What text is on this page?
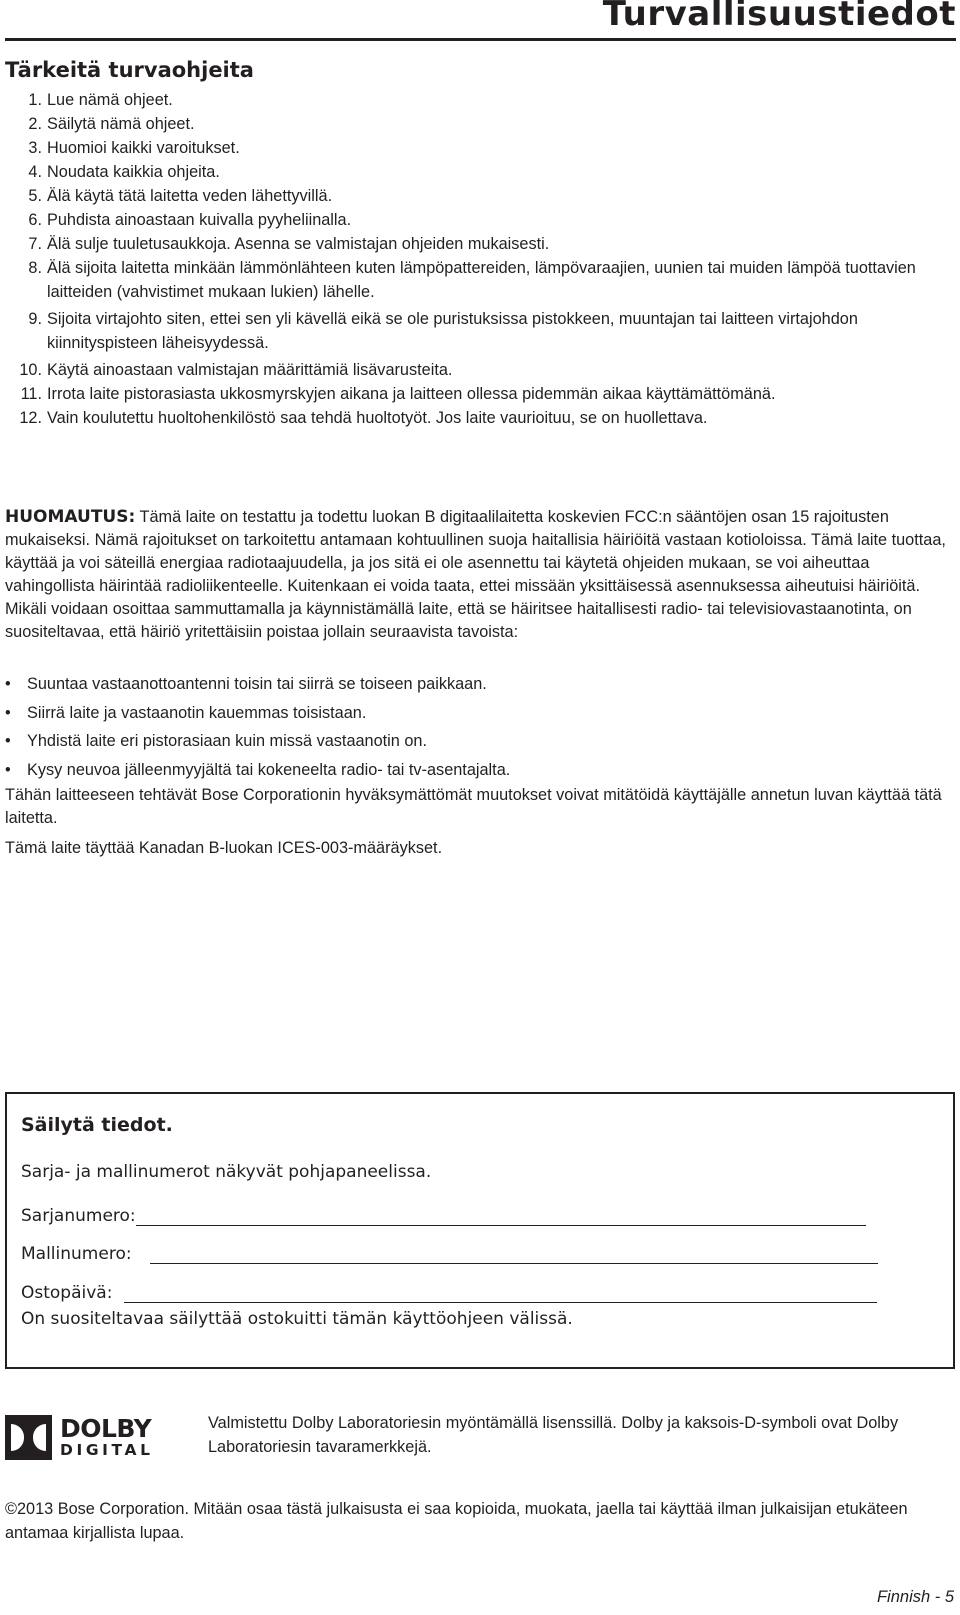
Turvallisuustiedot
Tärkeitä turvaohjeita
1. Lue nämä ohjeet.
2. Säilytä nämä ohjeet.
3. Huomioi kaikki varoitukset.
4. Noudata kaikkia ohjeita.
5. Älä käytä tätä laitetta veden lähettyvillä.
6. Puhdista ainoastaan kuivalla pyyheliinalla.
7. Älä sulje tuuletusaukkoja. Asenna se valmistajan ohjeiden mukaisesti.
8. Älä sijoita laitetta minkään lämmönlähteen kuten lämpöpattereiden, lämpövaraajien, uunien tai muiden lämpöä tuottavien laitteiden (vahvistimet mukaan lukien) lähelle.
9. Sijoita virtajohto siten, ettei sen yli kävellä eikä se ole puristuksissa pistokkeen, muuntajan tai laitteen virtajohdon kiinnityspisteen läheisyydessä.
10. Käytä ainoastaan valmistajan määrittämiä lisävarusteita.
11. Irrota laite pistorasiasta ukkosmyrskyjen aikana ja laitteen ollessa pidemmän aikaa käyttämättömänä.
12. Vain koulutettu huoltohenkilöstö saa tehdä huoltotyöt. Jos laite vaurioituu, se on huollettava.

HUOMAUTUS: Tämä laite on testattu ja todettu luokan B digitaalilaitetta koskevien FCC:n sääntöjen osan 15 rajoitusten mukaiseksi. Nämä rajoitukset on tarkoitettu antamaan kohtuullinen suoja haitallisia häiriöitä vastaan kotioloissa. Tämä laite tuottaa, käyttää ja voi säteillä energiaa radiotaajuudella, ja jos sitä ei ole asennettu tai käytetä ohjeiden mukaan, se voi aiheuttaa vahingollista häirintää radioliikenteelle. Kuitenkaan ei voida taata, ettei missään yksittäisessä asennuksessa aiheutuisi häiriöitä. Mikäli voidaan osoittaa sammuttamalla ja käynnistämällä laite, että se häiritsee haitallisesti radio- tai televisiovastaanotinta, on suositeltavaa, että häiriö yritettäisiin poistaa jollain seuraavista tavoista:

• Suuntaa vastaanottoantenni toisin tai siirrä se toiseen paikkaan.
• Siirrä laite ja vastaanotin kauemmas toisistaan.
• Yhdistä laite eri pistorasiaan kuin missä vastaanotin on.
• Kysy neuvoa jälleenmyyjältä tai kokeneelta radio- tai tv-asentajalta.

Tähän laitteeseen tehtävät Bose Corporationin hyväksymättömät muutokset voivat mitätöidä käyttäjälle annetun luvan käyttää tätä laitetta.

Tämä laite täyttää Kanadan B-luokan ICES-003-määräykset.

Säilytä tiedot.
Sarja- ja mallinumerot näkyvät pohjapaneelissa.
Sarjanumero:
Mallinumero:
Ostopäivä:
On suositeltavaa säilyttää ostokuitti tämän käyttöohjeen välissä.
DOLBY
DIGITAL

Valmistettu Dolby Laboratoriesin myöntämällä lisenssillä. Dolby ja kaksois-D-symboli ovat Dolby Laboratoriesin tavaramerkkejä.

©2013 Bose Corporation. Mitään osaa tästä julkaisusta ei saa kopioida, muokata, jaella tai käyttää ilman julkaisijan etukäteen antamaa kirjallista lupaa.

Finnish - 5
